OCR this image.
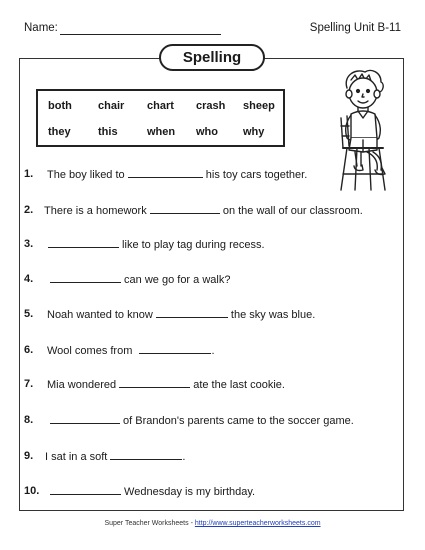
Name:	Spelling Unit B-11
Spelling
both chair chart crash sheep
they this	when who why
1. The boy liked to	his toy cars together.
2. There is a homework	on the wall of our classroom.
3.	like to play tag during recess.
4.	can we go for a walk?
5. Noah wanted to know	the sky was blue.
6. Wool comes from	.
7. Mia wondered	ate the last cookie.
8.	of Brandon's parents came to the soccer game.
9. I sat in a soft	.
10.	Wednesday is my birthday.
Super Teacher Worksheets - http://www.superteacherworksheets.com
